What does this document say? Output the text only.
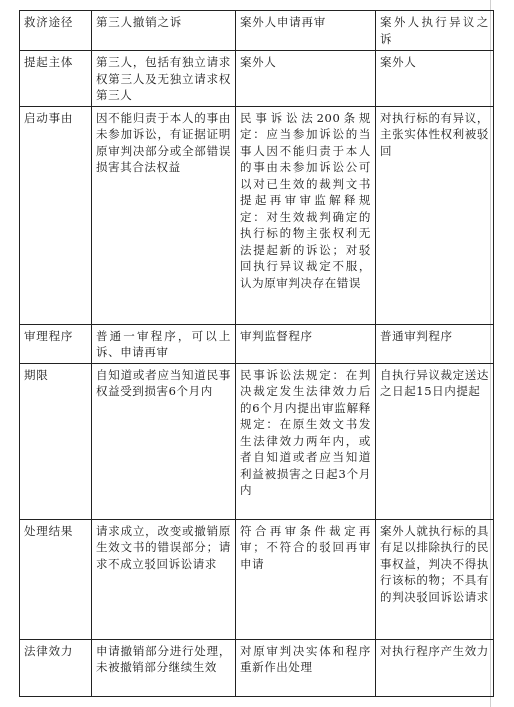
救济途径	第三人撤销之诉	案外人申请再审	案外人执行异议之诉
提起主体	第三人，包括有独立请求权第三人及无独立请求权第三人	案外人	案外人
启动事由	因不能归责于本人的事由未参加诉讼，有证据证明原审判决部分或全部错误损害其合法权益	民事诉讼法200条规定：应当参加诉讼的当事人因不能归责于本人的事由未参加诉讼公可以对已生效的裁判文书提起再审审监解释规定：对生效裁判确定的执行标的物主张权利无法提起新的诉讼；对驳回执行异议裁定不服，认为原审判决存在错误	对执行标的有异议，主张实体性权利被驳回
审理程序	普通一审程序，可以上诉、申请再审	审判监督程序	普通审判程序
期限	自知道或者应当知道民事权益受到损害6个月内	民事诉讼法规定：在判决裁定发生法律效力后的6个月内提出审监解释规定：在原生效文书发生法律效力两年内，或者自知道或者应当知道利益被损害之日起3个月内	自执行异议裁定送达之日起15日内提起
处理结果	请求成立，改变或撤销原生效文书的错误部分；请求不成立驳回诉讼请求	符合再审条件裁定再审；不符合的驳回再审申请	案外人就执行标的具有足以排除执行的民事权益，判决不得执行该标的物；不具有的判决驳回诉讼请求
法律效力	申请撤销部分进行处理，未被撤销部分继续生效	对原审判决实体和程序重新作出处理	对执行程序产生效力
